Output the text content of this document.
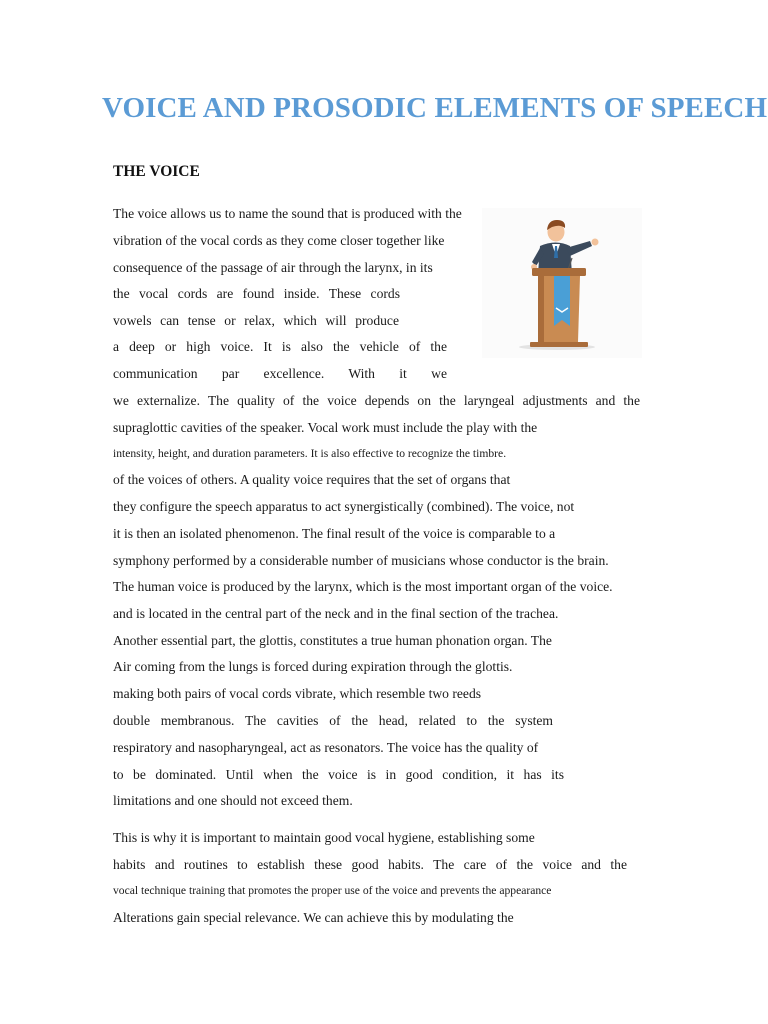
VOICE AND PROSODIC ELEMENTS OF SPEECH
THE VOICE

The voice allows us to name the sound that is produced with the

vibration of the vocal cords as they come closer together like

consequence of the passage of air through the larynx, in its

the vocal cords are found inside. These cords

vowels can tense or relax, which will produce

a deep or high voice. It is also the vehicle of the

communication par excellence. With it we

we externalize. The quality of the voice depends on the laryngeal adjustments and the

supraglottic cavities of the speaker. Vocal work must include the play with the

intensity, height, and duration parameters. It is also effective to recognize the timbre.

of the voices of others. A quality voice requires that the set of organs that

they configure the speech apparatus to act synergistically (combined). The voice, not

it is then an isolated phenomenon. The final result of the voice is comparable to a

symphony performed by a considerable number of musicians whose conductor is the brain.

The human voice is produced by the larynx, which is the most important organ of the voice.

and is located in the central part of the neck and in the final section of the trachea.

Another essential part, the glottis, constitutes a true human phonation organ. The

Air coming from the lungs is forced during expiration through the glottis.

making both pairs of vocal cords vibrate, which resemble two reeds

double membranous. The cavities of the head, related to the system

respiratory and nasopharyngeal, act as resonators. The voice has the quality of

to be dominated. Until when the voice is in good condition, it has its

limitations and one should not exceed them.

This is why it is important to maintain good vocal hygiene, establishing some

habits and routines to establish these good habits. The care of the voice and the

vocal technique training that promotes the proper use of the voice and prevents the appearance

Alterations gain special relevance. We can achieve this by modulating the
